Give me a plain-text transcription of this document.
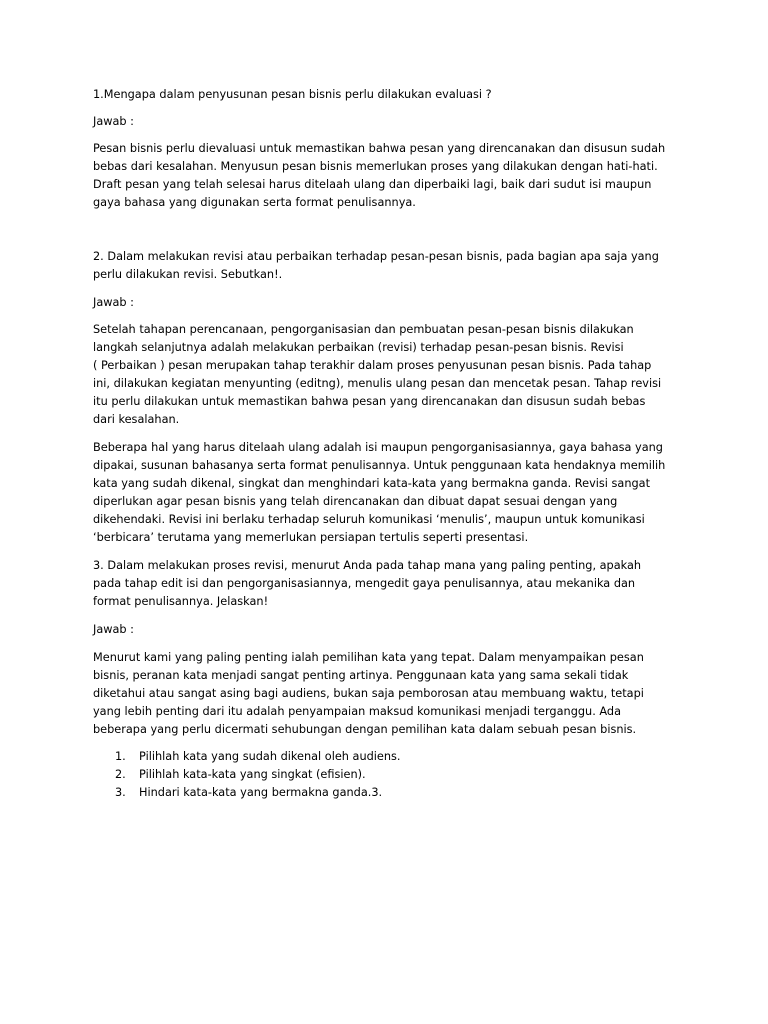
1.Mengapa dalam penyusunan pesan bisnis perlu dilakukan evaluasi ?

Jawab :

Pesan bisnis perlu dievaluasi untuk memastikan bahwa pesan yang direncanakan dan disusun sudah
bebas dari kesalahan. Menyusun pesan bisnis memerlukan proses yang dilakukan dengan hati-hati.
Draft pesan yang telah selesai harus ditelaah ulang dan diperbaiki lagi, baik dari sudut isi maupun
gaya bahasa yang digunakan serta format penulisannya.

2. Dalam melakukan revisi atau perbaikan terhadap pesan-pesan bisnis, pada bagian apa saja yang
perlu dilakukan revisi. Sebutkan!.

Jawab :

Setelah tahapan perencanaan, pengorganisasian dan pembuatan pesan-pesan bisnis dilakukan
langkah selanjutnya adalah melakukan perbaikan (revisi) terhadap pesan-pesan bisnis. Revisi
( Perbaikan ) pesan merupakan tahap terakhir dalam proses penyusunan pesan bisnis. Pada tahap
ini, dilakukan kegiatan menyunting (editng), menulis ulang pesan dan mencetak pesan. Tahap revisi
itu perlu dilakukan untuk memastikan bahwa pesan yang direncanakan dan disusun sudah bebas
dari kesalahan.

Beberapa hal yang harus ditelaah ulang adalah isi maupun pengorganisasiannya, gaya bahasa yang
dipakai, susunan bahasanya serta format penulisannya. Untuk penggunaan kata hendaknya memilih
kata yang sudah dikenal, singkat dan menghindari kata-kata yang bermakna ganda. Revisi sangat
diperlukan agar pesan bisnis yang telah direncanakan dan dibuat dapat sesuai dengan yang
dikehendaki. Revisi ini berlaku terhadap seluruh komunikasi ‘menulis’, maupun untuk komunikasi
‘berbicara’ terutama yang memerlukan persiapan tertulis seperti presentasi.

3. Dalam melakukan proses revisi, menurut Anda pada tahap mana yang paling penting, apakah
pada tahap edit isi dan pengorganisasiannya, mengedit gaya penulisannya, atau mekanika dan
format penulisannya. Jelaskan!

Jawab :

Menurut kami yang paling penting ialah pemilihan kata yang tepat. Dalam menyampaikan pesan
bisnis, peranan kata menjadi sangat penting artinya. Penggunaan kata yang sama sekali tidak
diketahui atau sangat asing bagi audiens, bukan saja pemborosan atau membuang waktu, tetapi
yang lebih penting dari itu adalah penyampaian maksud komunikasi menjadi terganggu. Ada
beberapa yang perlu dicermati sehubungan dengan pemilihan kata dalam sebuah pesan bisnis.

1. Pilihlah kata yang sudah dikenal oleh audiens.
2. Pilihlah kata-kata yang singkat (efisien).
3. Hindari kata-kata yang bermakna ganda.3.
